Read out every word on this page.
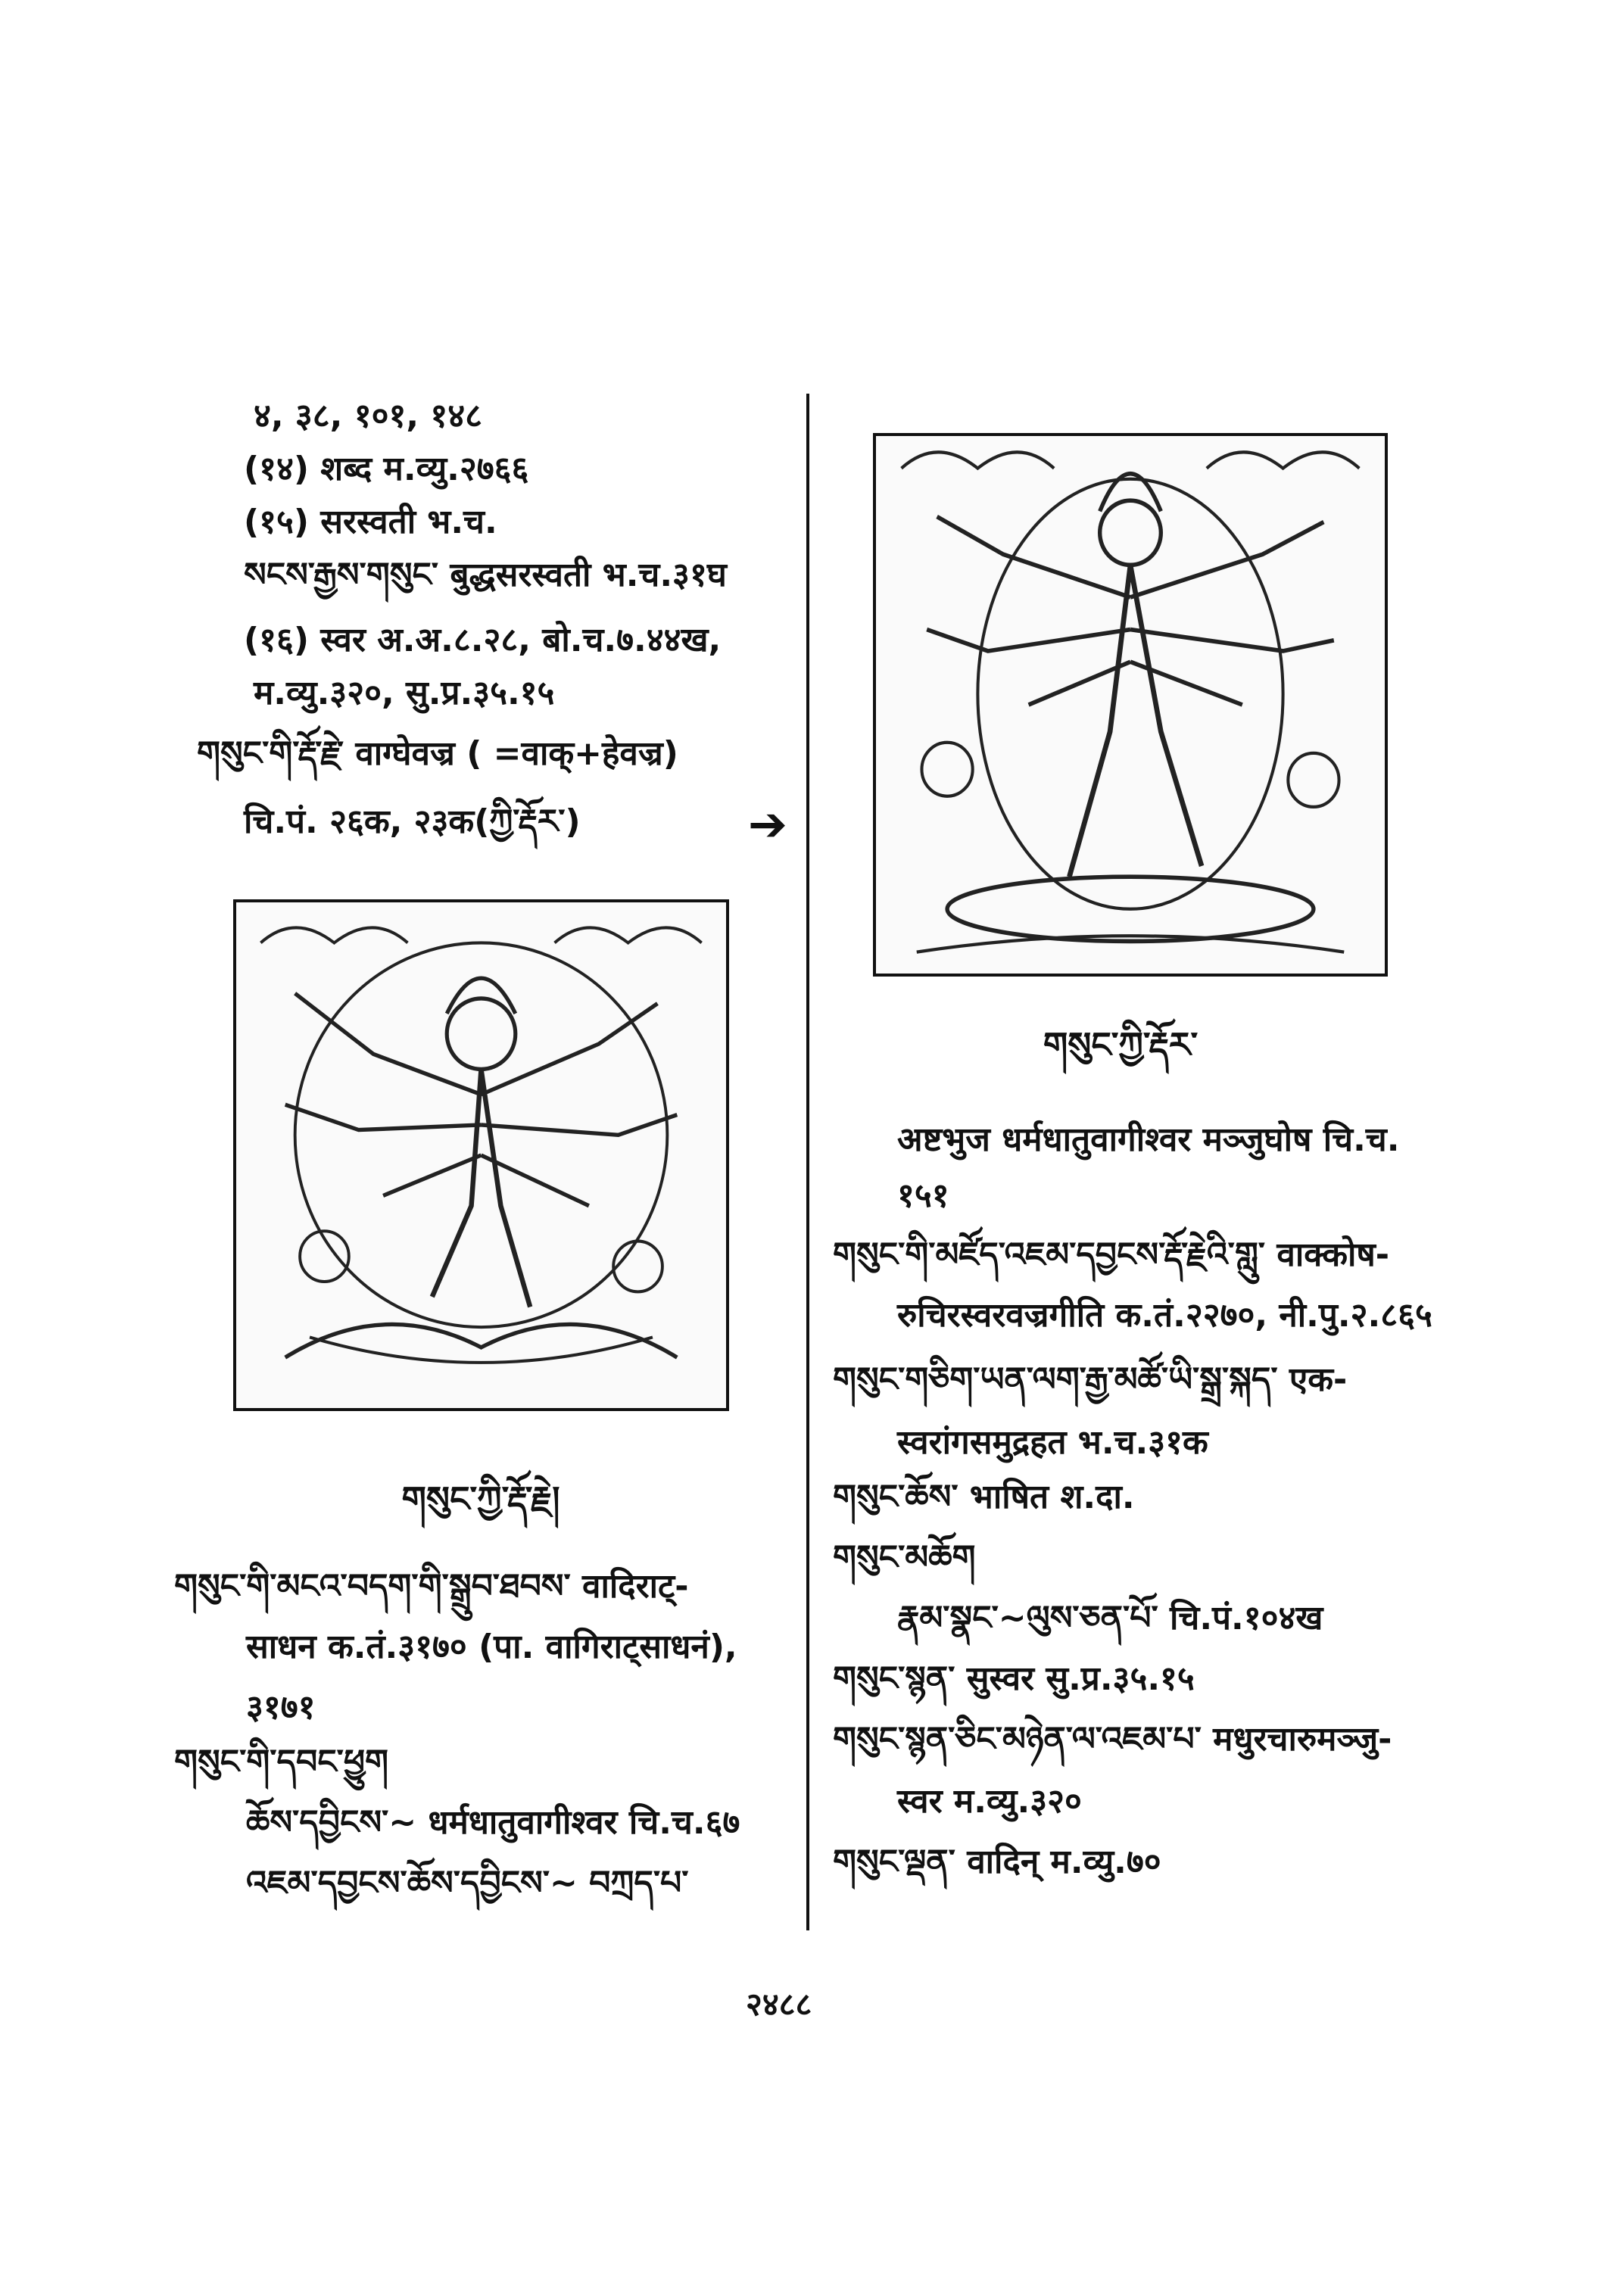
४, ३८, १०१, १४८
(१४) शब्द म.व्यु.२७६६
(१५) सरस्वती भ.च.
སངས་རྒྱས་གསུང་ बुद्धसरस्वती भ.च.३१घ
(१६) स्वर अ.अ.८.२८, बो.च.७.४४ख,
म.व्यु.३२०, सु.प्र.३५.१५
གསུང་གི་རྡོ་རྗེ་ वाग्घेवज्र ( =वाक्+हेवज्र)
चि.पं. २६क, २३क(ཀྱི་རྡོར་)	➔
གསུང་ཀྱི་རྡོ་རྗེ།
གསུང་གི་མངའ་བདག་གི་སྒྲུབ་ཐབས་ वादिराट्-
साधन क.तं.३१७० (पा. वागिराट्साधनं),
३१७१
གསུང་གི་དབང་ཕྱུག
ཆོས་དབྱིངས་~ धर्मधातुवागीश्वर चि.च.६७
འཇམ་དབྱངས་ཆོས་དབྱིངས་~ བཀྲད་པ་
གསུང་ཀྱི་རྡོར་
अष्टभुज धर्मधातुवागीश्वर मञ्जुघोष चि.च.
१५१
གསུང་གི་མཛོད་འཇམ་དབྱངས་རྡོ་རྗེའི་གླུ་ वाक्कोष-
रुचिरस्वरवज्रगीति क.तं.२२७०, नी.पु.२.८६५
གསུང་གཅིག་ཡན་ལག་རྒྱ་མཚོ་ཡི་སྒྲ་སྐད་ एक-
स्वरांगसमुद्रहत भ.च.३१क
གསུང་ཆོས་ भाषित श.दा.
གསུང་མཆོག
རྣམ་སྣང་~ལུས་ཅན་པོ་ चि.पं.१०४ख
གསུང་སྙན་ सुस्वर सु.प्र.३५.१५
གསུང་སྙན་ཅིང་མཉེན་ལ་འཇམ་པ་ मधुरचारुमञ्जु-
स्वर म.व्यु.३२०
གསུང་ལྡན་ वादिन् म.व्यु.७०
२४८८
